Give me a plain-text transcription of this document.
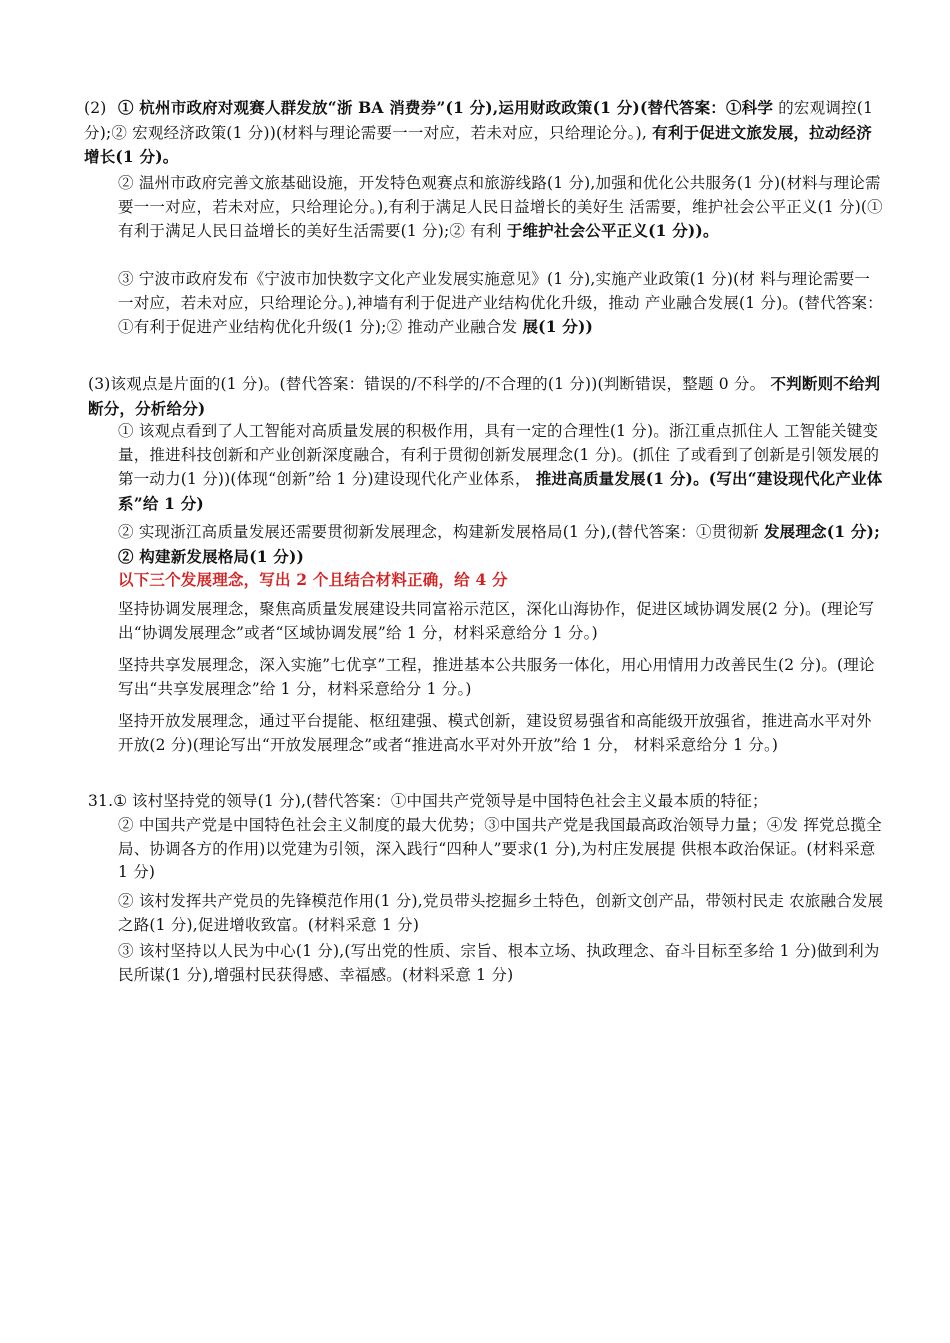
(2) ① 杭州市政府对观赛人群发放“浙 BA 消费券”(1 分),运用财政政策(1 分)(替代答案：①科学 的宏观调控(1 分);② 宏观经济政策(1 分))(材料与理论需要一一对应，若未对应，只给理论分。), 有利于促进文旅发展，拉动经济增长(1 分)。

② 温州市政府完善文旅基础设施，开发特色观赛点和旅游线路(1 分),加强和优化公共服务(1 分)(材料与理论需要一一对应，若未对应，只给理论分。),有利于满足人民日益增长的美好生 活需要，维护社会公平正义(1 分)(① 有利于满足人民日益增长的美好生活需要(1 分);② 有利 于维护社会公平正义(1 分))。

③ 宁波市政府发布《宁波市加快数字文化产业发展实施意见》(1 分),实施产业政策(1 分)(材 料与理论需要一一对应，若未对应，只给理论分。),神墙有利于促进产业结构优化升级，推动 产业融合发展(1 分)。(替代答案：①有利于促进产业结构优化升级(1 分);② 推动产业融合发 展(1 分))

(3)该观点是片面的(1 分)。(替代答案：错误的/不科学的/不合理的(1 分))(判断错误，整题 0 分。 不判断则不给判断分，分析给分)

① 该观点看到了人工智能对高质量发展的积极作用，具有一定的合理性(1 分)。浙江重点抓住人 工智能关键变量，推进科技创新和产业创新深度融合，有利于贯彻创新发展理念(1 分)。(抓住 了或看到了创新是引领发展的第一动力(1 分))(体现“创新”给 1 分)建设现代化产业体系， 推进高质量发展(1 分)。(写出“建设现代化产业体系”给 1 分)

② 实现浙江高质量发展还需要贯彻新发展理念，构建新发展格局(1 分),(替代答案：①贯彻新 发展理念(1 分);② 构建新发展格局(1 分))

以下三个发展理念，写出 2 个且结合材料正确，给 4 分

坚持协调发展理念，聚焦高质量发展建设共同富裕示范区，深化山海协作，促进区域协调发展(2 分)。(理论写出“协调发展理念”或者“区域协调发展”给 1 分，材料采意给分 1 分。)

坚持共享发展理念，深入实施”七优享”工程，推进基本公共服务一体化，用心用情用力改善民生(2 分)。(理论写出“共享发展理念”给 1 分，材料采意给分 1 分。)

坚持开放发展理念，通过平台提能、枢纽建强、模式创新，建设贸易强省和高能级开放强省，推进高水平对外开放(2 分)(理论写出“开放发展理念”或者“推进高水平对外开放”给 1 分， 材料采意给分 1 分。)

31.① 该村坚持党的领导(1 分),(替代答案：①中国共产党领导是中国特色社会主义最本质的特征；

② 中国共产党是中国特色社会主义制度的最大优势；③中国共产党是我国最高政治领导力量；④发 挥党总揽全局、协调各方的作用)以党建为引领，深入践行“四种人”要求(1 分),为村庄发展提 供根本政治保证。(材料采意 1 分)

② 该村发挥共产党员的先锋模范作用(1 分),党员带头挖掘乡土特色，创新文创产品，带领村民走 农旅融合发展之路(1 分),促进增收致富。(材料采意 1 分)

③ 该村坚持以人民为中心(1 分),(写出党的性质、宗旨、根本立场、执政理念、奋斗目标至多给 1 分)做到利为民所谋(1 分),增强村民获得感、幸福感。(材料采意 1 分)
